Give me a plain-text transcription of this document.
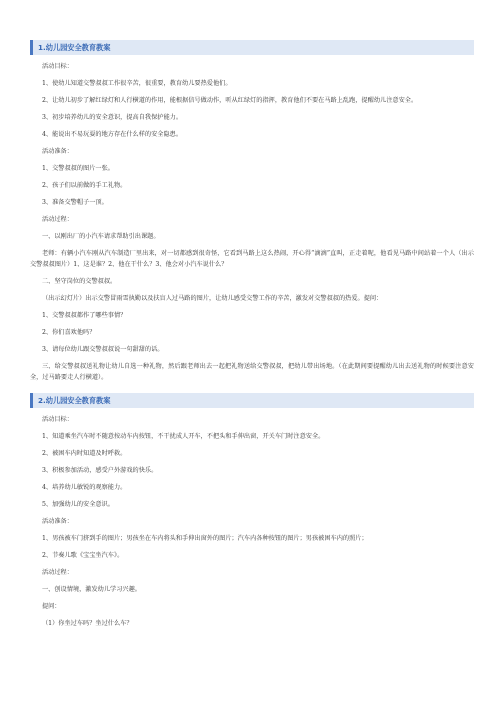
1.幼儿园安全教育教案

活动目标：

1、使幼儿知道交警叔叔工作很辛苦，很重要，教育幼儿要热爱他们。

2、让幼儿初步了解红绿灯和人行横道的作用，能根据信号做动作，听从红绿灯的指挥，教育他们不要在马路上乱跑，提醒幼儿注意安全。

3、初步培养幼儿的安全意识，提高自我保护能力。

4、能说出不易玩耍的地方存在什么样的安全隐患。

活动准备：

1、交警叔叔的图片一张。

2、孩子们以前做的手工礼物。

3、准备交警帽子一顶。

活动过程：

一、以刚出厂的小汽车请求帮助引出课题。

老师：有辆小汽车刚从汽车制造厂里出来，对一切都感到很奇怪，它看到马路上这么热闹，开心得“滴滴”直叫，正走着呢，他看见马路中间站着一个人（出示交警叔叔图片）1、这是谁？2、他在干什么？3、他会对小汽车说什么？

二、坚守岗位的交警叔叔。

（出示幻灯片）出示交警冒雨雪执勤以及扶盲人过马路的图片，让幼儿感受交警工作的辛苦，激发对交警叔叔的热爱。提问：

1、交警叔叔都作了哪些事情？

2、你们喜欢他吗？

3、请每位幼儿跟交警叔叔说一句甜甜的话。

三、给交警叔叔送礼物让幼儿自选一种礼物，然后跟老师出去一起把礼物送给交警叔叔，把幼儿带出场地。（在此期间要提醒幼儿出去送礼物的时候要注意安全，过马路要走人行横道）。

2.幼儿园安全教育教案

活动目标：

1、知道乘坐汽车时不随意按动车内按钮，不干扰成人开车，不把头和手伸出窗，开关车门时注意安全。

2、被困车内时知道及时呼救。

3、积极参加活动，感受户外游戏的快乐。

4、培养幼儿敏锐的观察能力。

5、加强幼儿的安全意识。

活动准备：

1、男孩被车门挤到手的图片；男孩坐在车内将头和手伸出窗外的图片；汽车内各种按钮的图片；男孩被困车内的照片；

2、节奏儿歌《宝宝坐汽车》。

活动过程：

一、创设情境，激发幼儿学习兴趣。

提问：

（1）你坐过车吗？坐过什么车？
